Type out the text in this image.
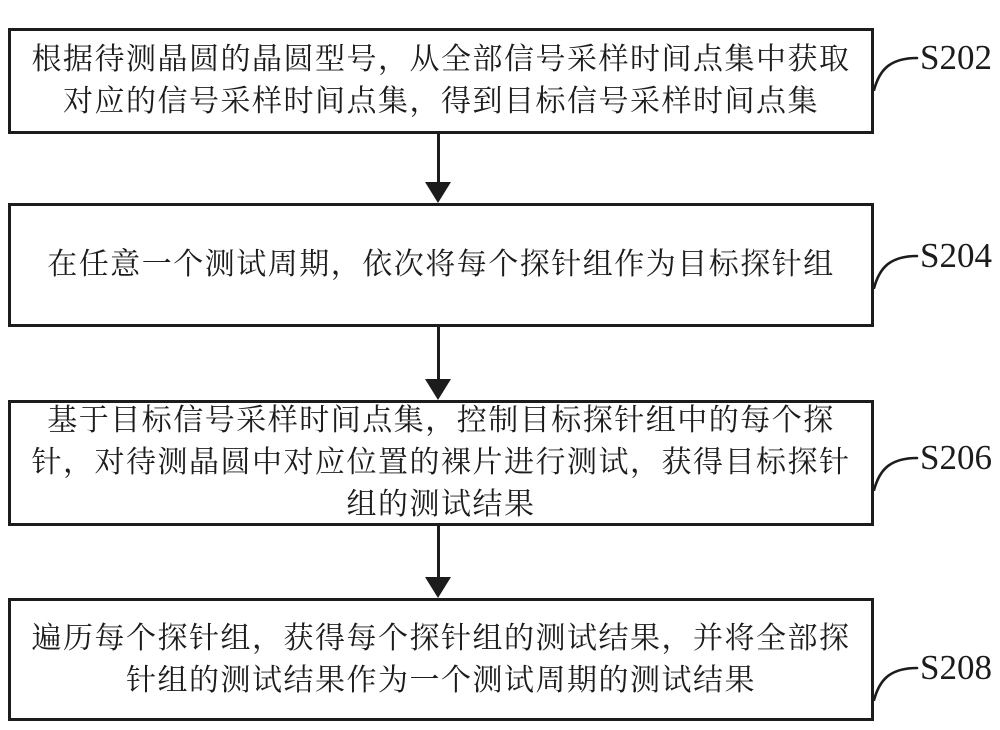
根据待测晶圆的晶圆型号，从全部信号采样时间点集中获取
对应的信号采样时间点集，得到目标信号采样时间点集
S202
在任意一个测试周期，依次将每个探针组作为目标探针组 S204
基于目标信号采样时间点集，控制目标探针组中的每个探
针，对待测晶圆中对应位置的裸片进行测试，获得目标探针
组的测试结果
S206
遍历每个探针组，获得每个探针组的测试结果，并将全部探
针组的测试结果作为一个测试周期的测试结果	S208
